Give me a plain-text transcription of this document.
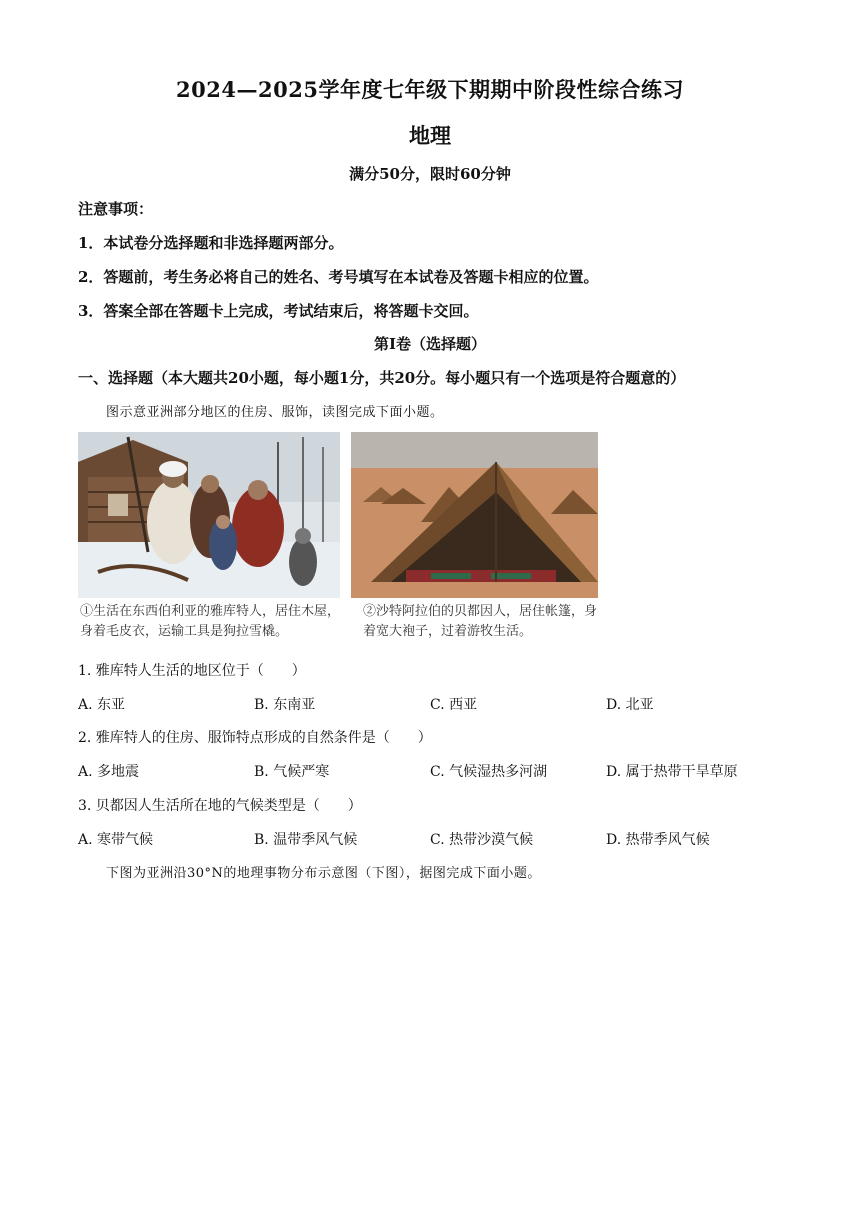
2024—2025学年度七年级下期期中阶段性综合练习
地理
满分50分，限时60分钟
注意事项：
1．本试卷分选择题和非选择题两部分。
2．答题前，考生务必将自己的姓名、考号填写在本试卷及答题卡相应的位置。
3．答案全部在答题卡上完成，考试结束后，将答题卡交回。
第Ⅰ卷（选择题）
一、选择题（本大题共20小题，每小题1分，共20分。每小题只有一个选项是符合题意的）
图示意亚洲部分地区的住房、服饰，读图完成下面小题。
①生活在东西伯利亚的雅库特人，居住木屋，身着毛皮衣，运输工具是狗拉雪橇。
②沙特阿拉伯的贝都因人，居住帐篷，身着宽大袍子，过着游牧生活。
1. 雅库特人生活的地区位于（　　）
A. 东亚	B. 东南亚	C. 西亚	D. 北亚
2. 雅库特人的住房、服饰特点形成的自然条件是（　　）
A. 多地震	B. 气候严寒	C. 气候湿热多河湖	D. 属于热带干旱草原
3. 贝都因人生活所在地的气候类型是（　　）
A. 寒带气候	B. 温带季风气候	C. 热带沙漠气候	D. 热带季风气候
下图为亚洲沿30°N的地理事物分布示意图（下图），据图完成下面小题。
